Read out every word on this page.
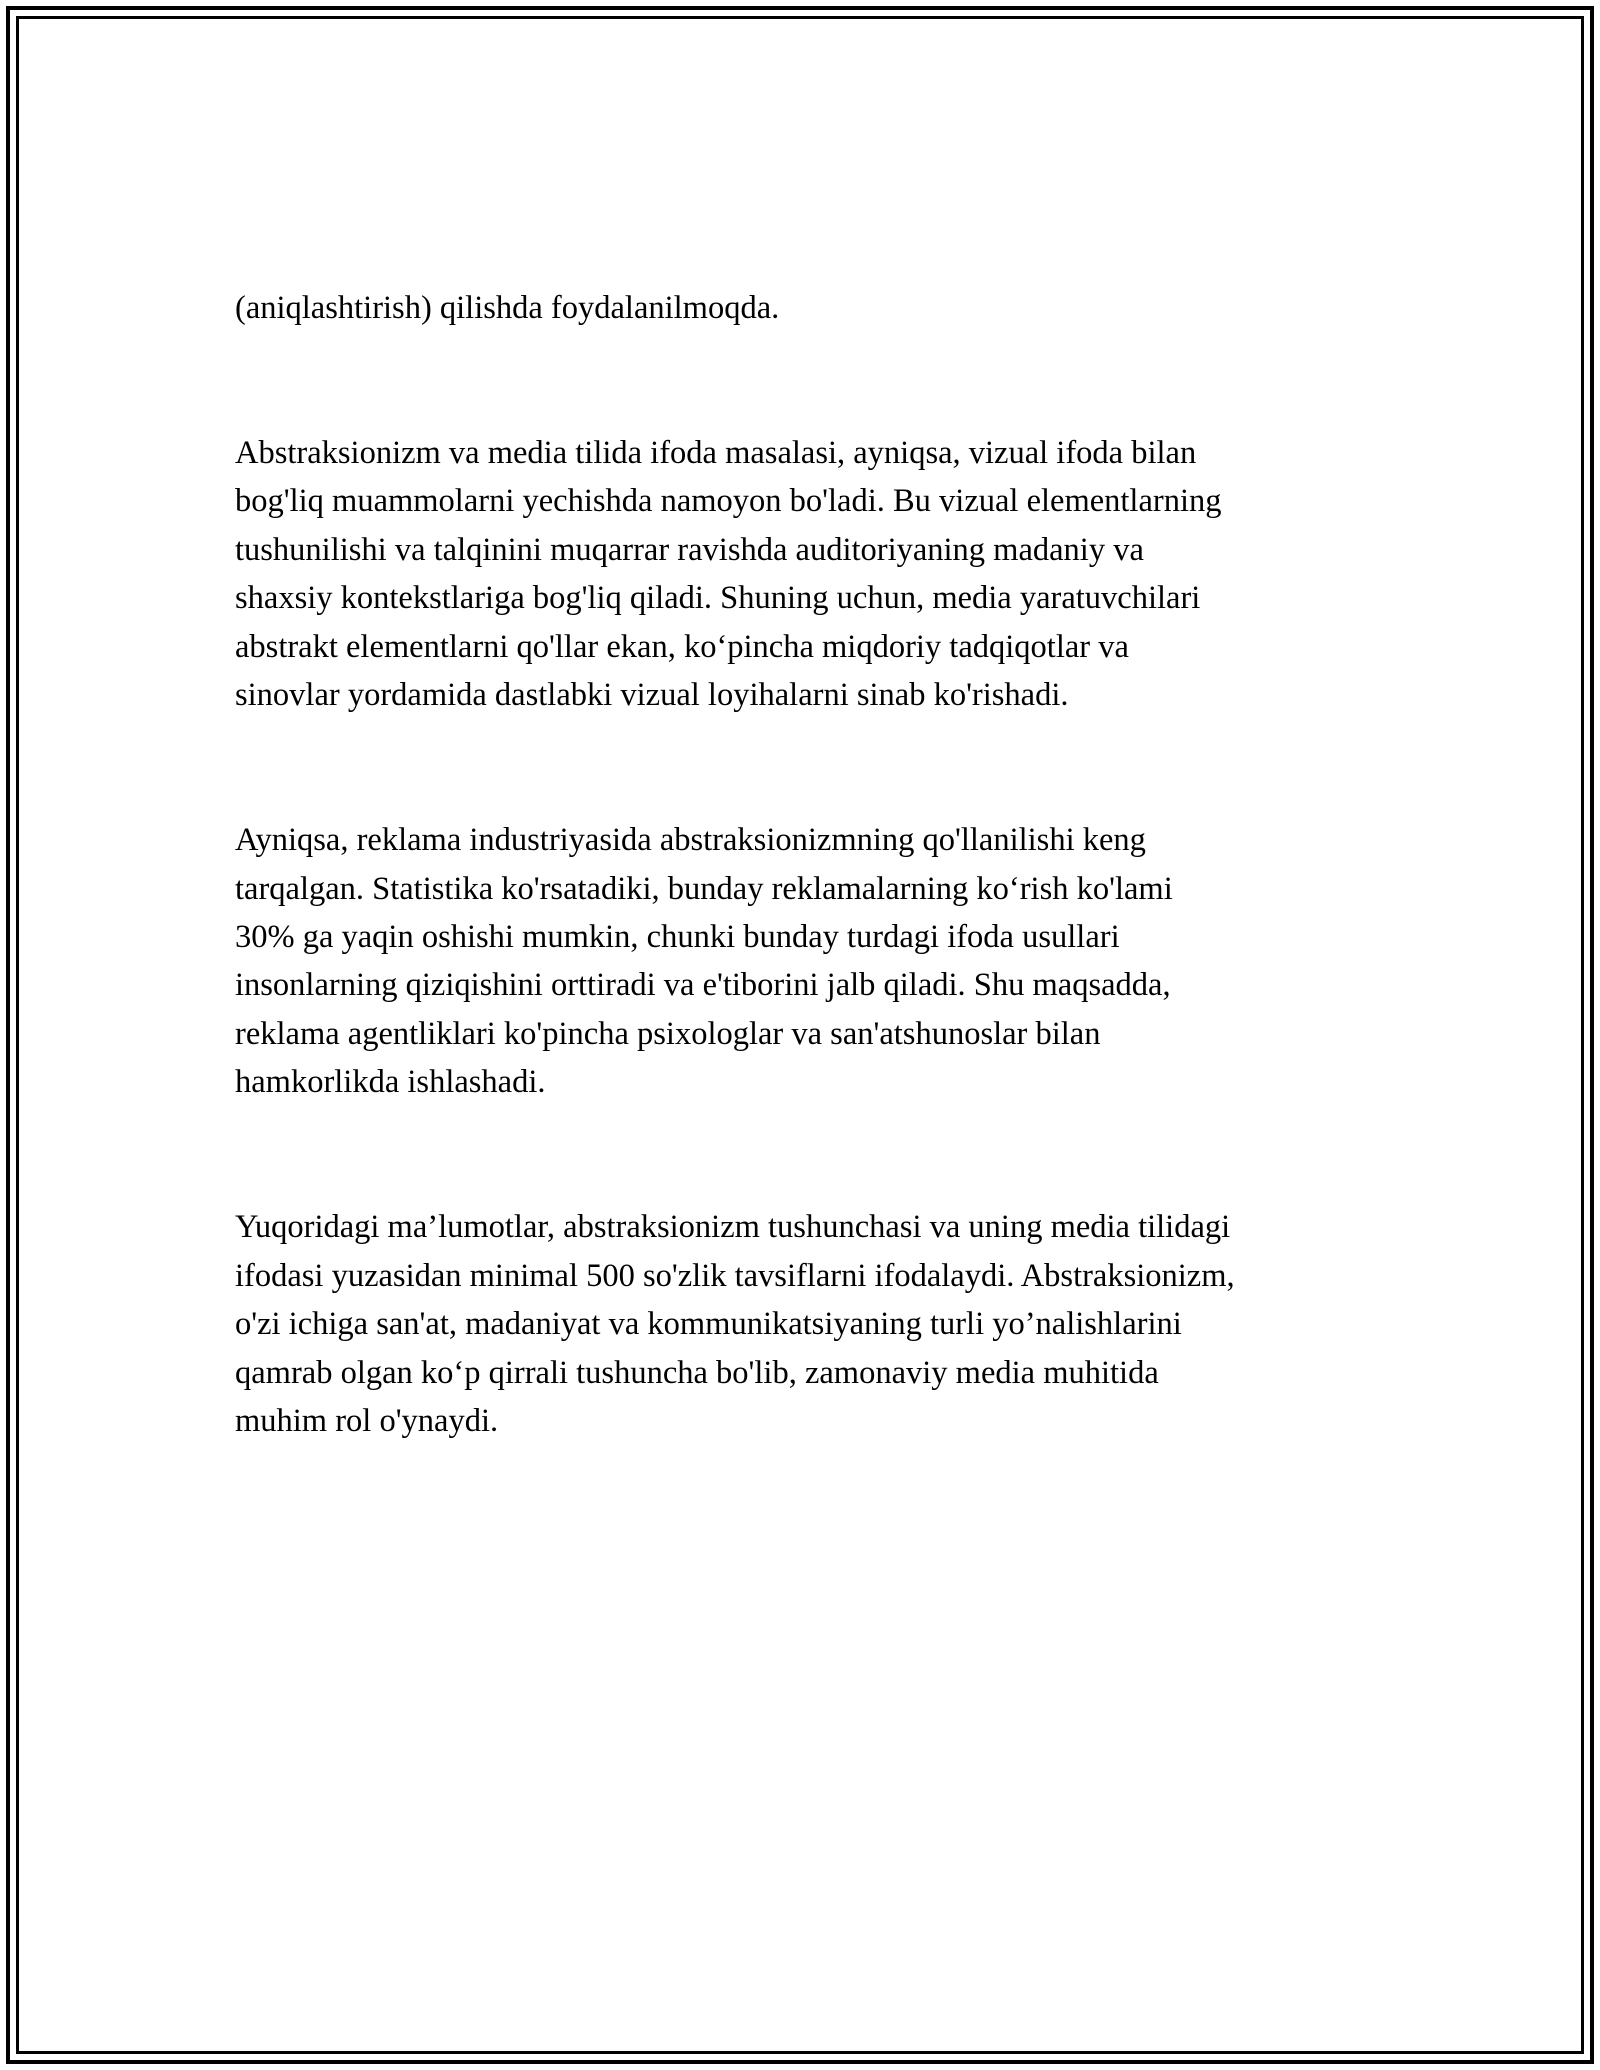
(aniqlashtirish) qilishda foydalanilmoqda.

Abstraksionizm va media tilida ifoda masalasi, ayniqsa, vizual ifoda bilan
bog'liq muammolarni yechishda namoyon bo'ladi. Bu vizual elementlarning
tushunilishi va talqinini muqarrar ravishda auditoriyaning madaniy va
shaxsiy kontekstlariga bog'liq qiladi. Shuning uchun, media yaratuvchilari
abstrakt elementlarni qo'llar ekan, ko‘pincha miqdoriy tadqiqotlar va
sinovlar yordamida dastlabki vizual loyihalarni sinab ko'rishadi.

Ayniqsa, reklama industriyasida abstraksionizmning qo'llanilishi keng
tarqalgan. Statistika ko'rsatadiki, bunday reklamalarning ko‘rish ko'lami
30% ga yaqin oshishi mumkin, chunki bunday turdagi ifoda usullari
insonlarning qiziqishini orttiradi va e'tiborini jalb qiladi. Shu maqsadda,
reklama agentliklari ko'pincha psixologlar va san'atshunoslar bilan
hamkorlikda ishlashadi.

Yuqoridagi ma’lumotlar, abstraksionizm tushunchasi va uning media tilidagi
ifodasi yuzasidan minimal 500 so'zlik tavsiflarni ifodalaydi. Abstraksionizm,
o'zi ichiga san'at, madaniyat va kommunikatsiyaning turli yo’nalishlarini
qamrab olgan ko‘p qirrali tushuncha bo'lib, zamonaviy media muhitida
muhim rol o'ynaydi.
